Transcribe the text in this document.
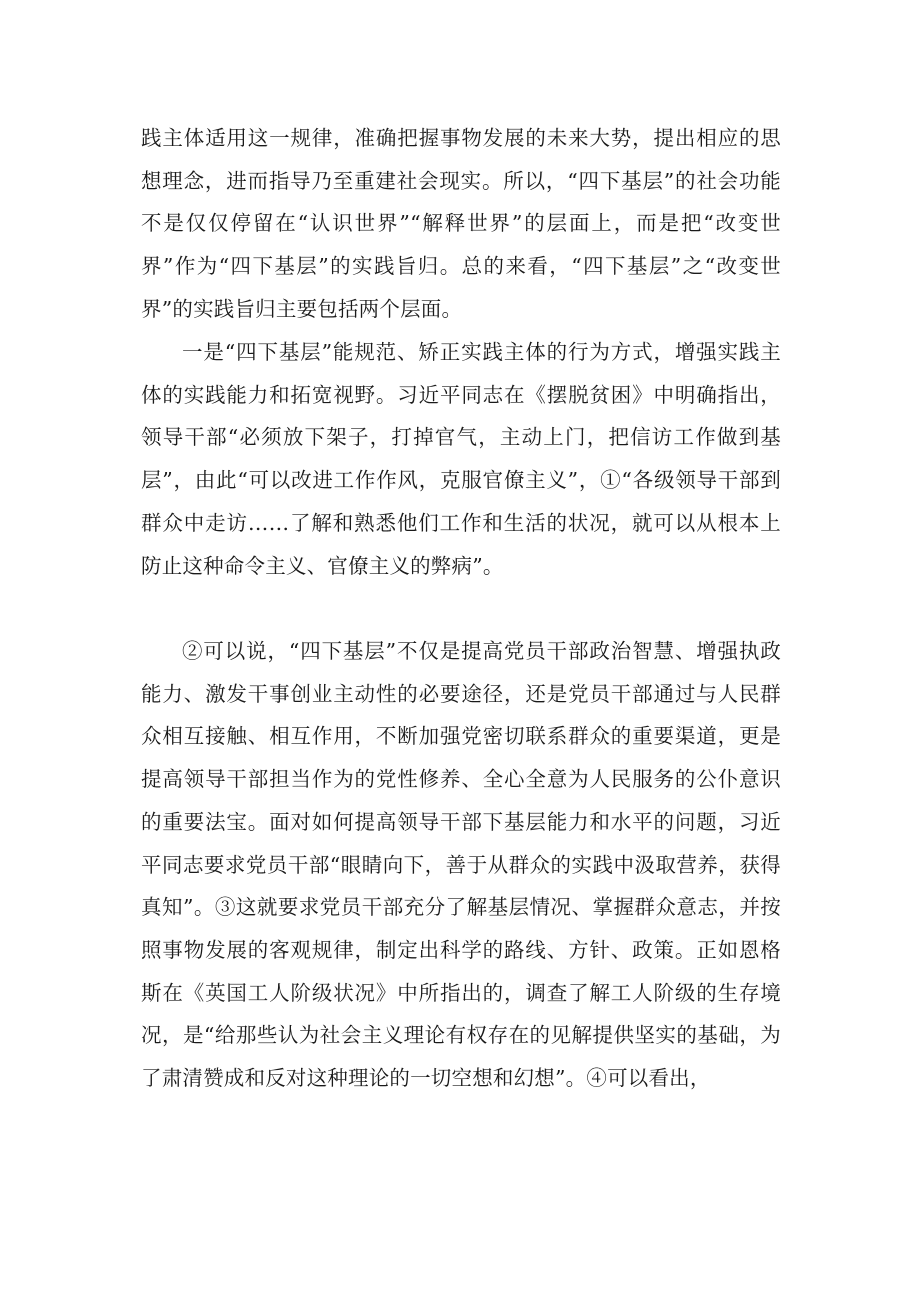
践主体适用这一规律，准确把握事物发展的未来大势，提出相应的思想理念，进而指导乃至重建社会现实。所以，“四下基层”的社会功能不是仅仅停留在“认识世界”“解释世界”的层面上，而是把“改变世界”作为“四下基层”的实践旨归。总的来看，“四下基层”之“改变世界”的实践旨归主要包括两个层面。

一是“四下基层”能规范、矫正实践主体的行为方式，增强实践主体的实践能力和拓宽视野。习近平同志在《摆脱贫困》中明确指出，领导干部“必须放下架子，打掉官气，主动上门，把信访工作做到基层”，由此“可以改进工作作风，克服官僚主义”，①“各级领导干部到群众中走访……了解和熟悉他们工作和生活的状况，就可以从根本上防止这种命令主义、官僚主义的弊病”。

②可以说，“四下基层”不仅是提高党员干部政治智慧、增强执政能力、激发干事创业主动性的必要途径，还是党员干部通过与人民群众相互接触、相互作用，不断加强党密切联系群众的重要渠道，更是提高领导干部担当作为的党性修养、全心全意为人民服务的公仆意识的重要法宝。面对如何提高领导干部下基层能力和水平的问题，习近平同志要求党员干部“眼睛向下，善于从群众的实践中汲取营养，获得真知”。③这就要求党员干部充分了解基层情况、掌握群众意志，并按照事物发展的客观规律，制定出科学的路线、方针、政策。正如恩格斯在《英国工人阶级状况》中所指出的，调查了解工人阶级的生存境况，是“给那些认为社会主义理论有权存在的见解提供坚实的基础，为了肃清赞成和反对这种理论的一切空想和幻想”。④可以看出，
